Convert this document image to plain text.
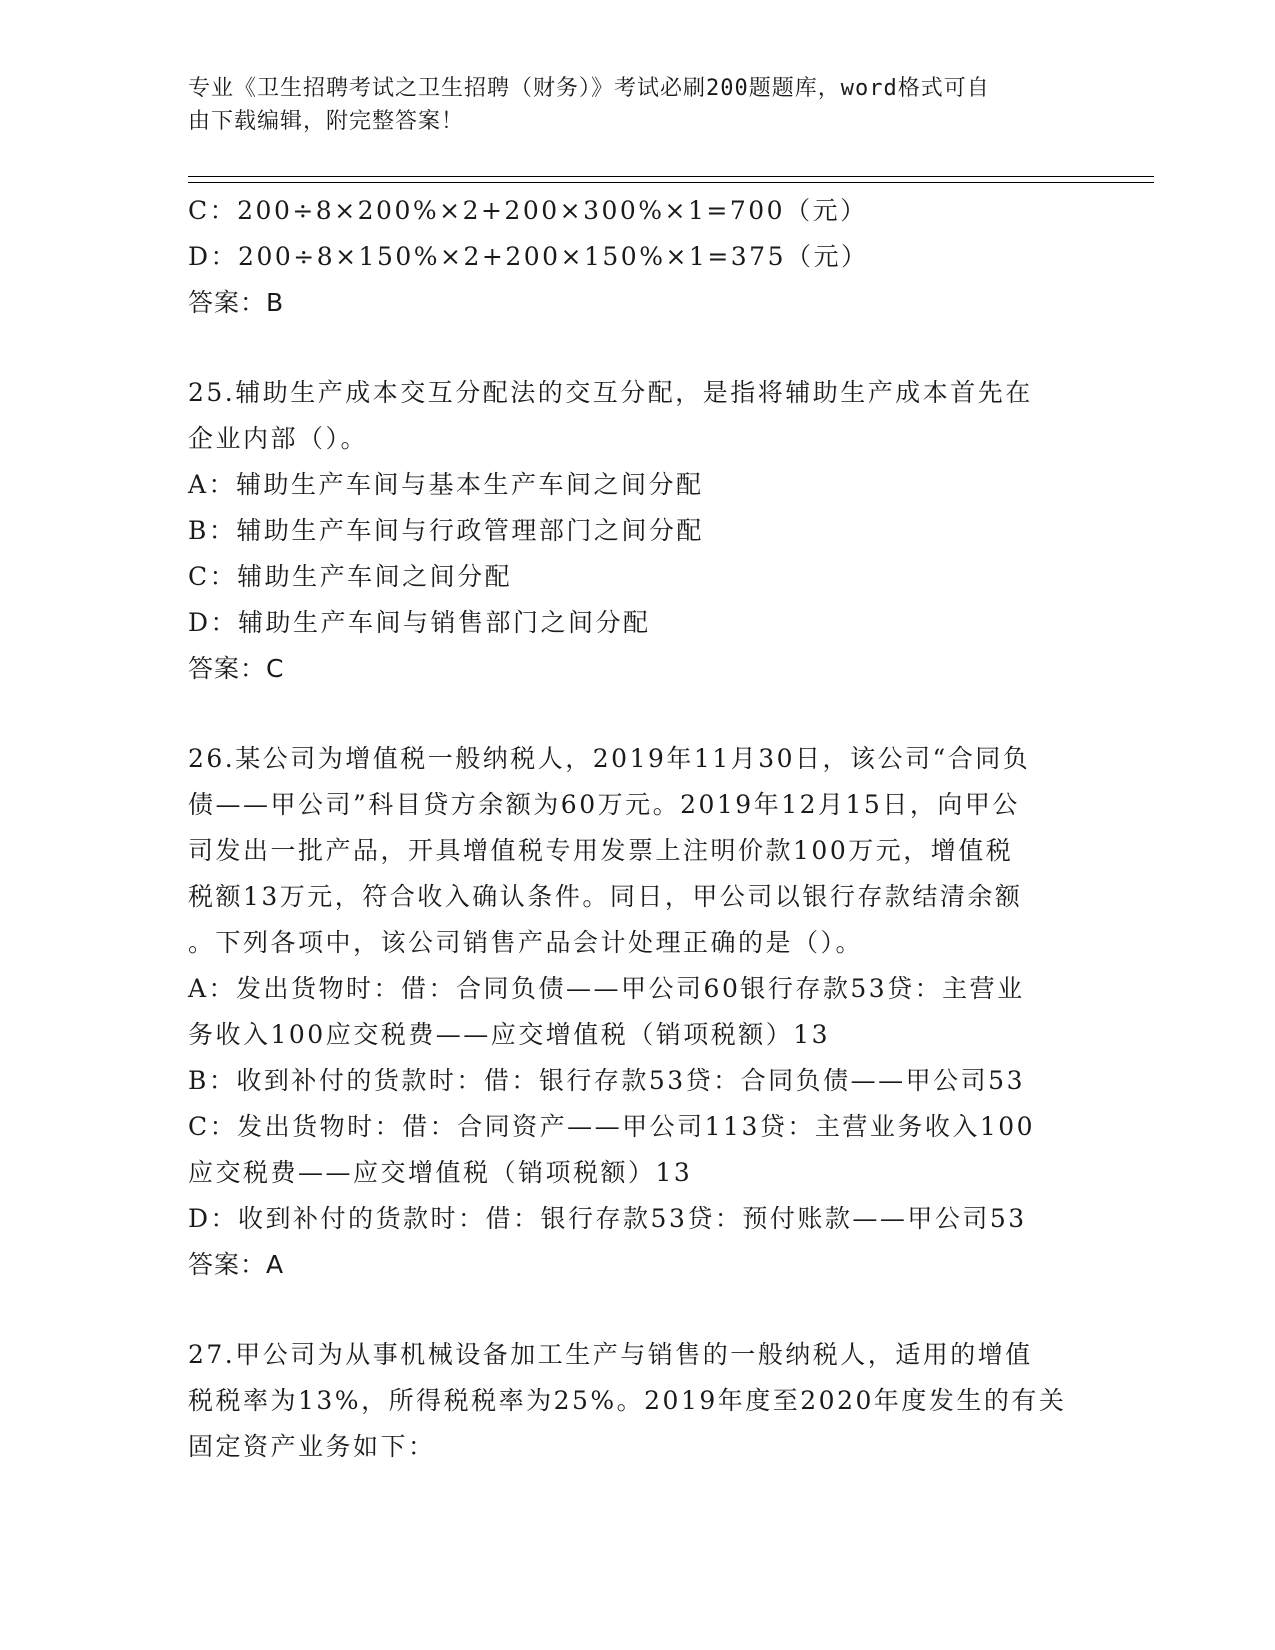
专业《卫生招聘考试之卫生招聘（财务）》考试必刷200题题库，word格式可自
由下载编辑，附完整答案！
C：200÷8×200%×2+200×300%×1=700（元）
D：200÷8×150%×2+200×150%×1=375（元）
答案：B
25.辅助生产成本交互分配法的交互分配，是指将辅助生产成本首先在
企业内部（）。
A：辅助生产车间与基本生产车间之间分配
B：辅助生产车间与行政管理部门之间分配
C：辅助生产车间之间分配
D：辅助生产车间与销售部门之间分配
答案：C
26.某公司为增值税一般纳税人，2019年11月30日，该公司“合同负
债——甲公司”科目贷方余额为60万元。2019年12月15日，向甲公
司发出一批产品，开具增值税专用发票上注明价款100万元，增值税
税额13万元，符合收入确认条件。同日，甲公司以银行存款结清余额
。下列各项中，该公司销售产品会计处理正确的是（）。
A：发出货物时：借：合同负债——甲公司60银行存款53贷：主营业
务收入100应交税费——应交增值税（销项税额）13
B：收到补付的货款时：借：银行存款53贷：合同负债——甲公司53
C：发出货物时：借：合同资产——甲公司113贷：主营业务收入100
应交税费——应交增值税（销项税额）13
D：收到补付的货款时：借：银行存款53贷：预付账款——甲公司53
答案：A
27.甲公司为从事机械设备加工生产与销售的一般纳税人，适用的增值
税税率为13%，所得税税率为25%。2019年度至2020年度发生的有关
固定资产业务如下：
